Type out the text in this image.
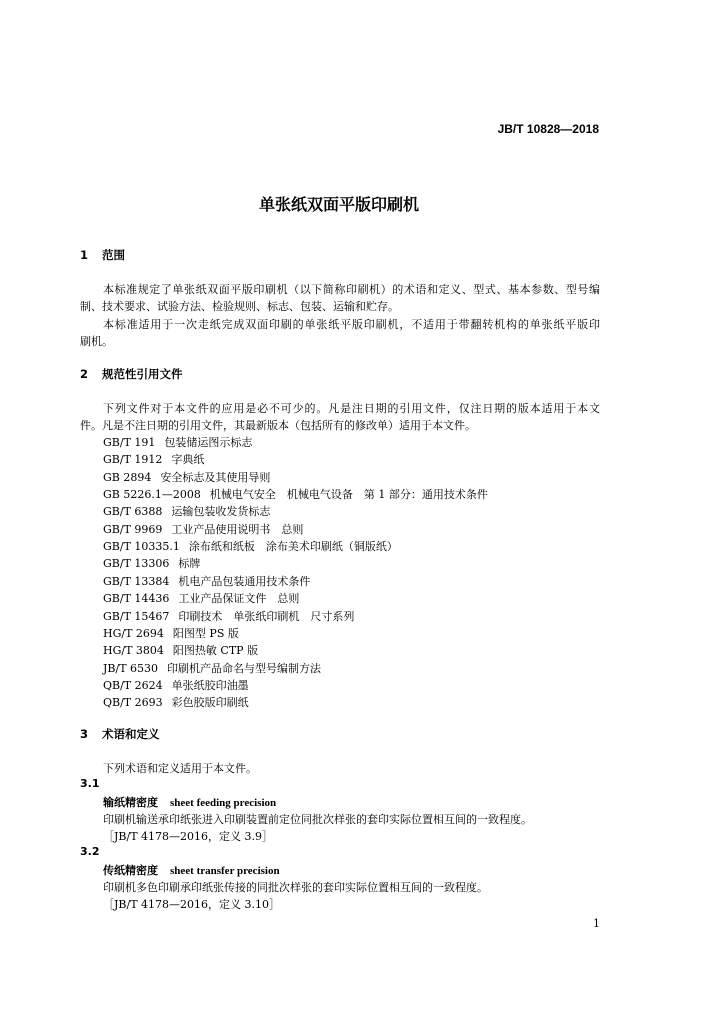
JB/T 10828—2018
单张纸双面平版印刷机
1 范围
本标准规定了单张纸双面平版印刷机（以下简称印刷机）的术语和定义、型式、基本参数、型号编
制、技术要求、试验方法、检验规则、标志、包装、运输和贮存。
本标准适用于一次走纸完成双面印刷的单张纸平版印刷机，不适用于带翻转机构的单张纸平版印
刷机。
2 规范性引用文件
下列文件对于本文件的应用是必不可少的。凡是注日期的引用文件，仅注日期的版本适用于本文
件。凡是不注日期的引用文件，其最新版本（包括所有的修改单）适用于本文件。
GB/T 191 包装储运图示标志
GB/T 1912 字典纸
GB 2894 安全标志及其使用导则
GB 5226.1—2008 机械电气安全　机械电气设备　第 1 部分：通用技术条件
GB/T 6388 运输包装收发货标志
GB/T 9969 工业产品使用说明书　总则
GB/T 10335.1 涂布纸和纸板　涂布美术印刷纸（铜版纸）
GB/T 13306 标牌
GB/T 13384 机电产品包装通用技术条件
GB/T 14436 工业产品保证文件　总则
GB/T 15467 印刷技术　单张纸印刷机　尺寸系列
HG/T 2694 阳图型 PS 版
HG/T 3804 阳图热敏 CTP 版
JB/T 6530 印刷机产品命名与型号编制方法
QB/T 2624 单张纸胶印油墨
QB/T 2693 彩色胶版印刷纸
3 术语和定义
下列术语和定义适用于本文件。
3.1
输纸精密度 sheet feeding precision
印刷机输送承印纸张进入印刷装置前定位同批次样张的套印实际位置相互间的一致程度。
［JB/T 4178—2016，定义 3.9］
3.2
传纸精密度 sheet transfer precision
印刷机多色印刷承印纸张传接的同批次样张的套印实际位置相互间的一致程度。
［JB/T 4178—2016，定义 3.10］
1
